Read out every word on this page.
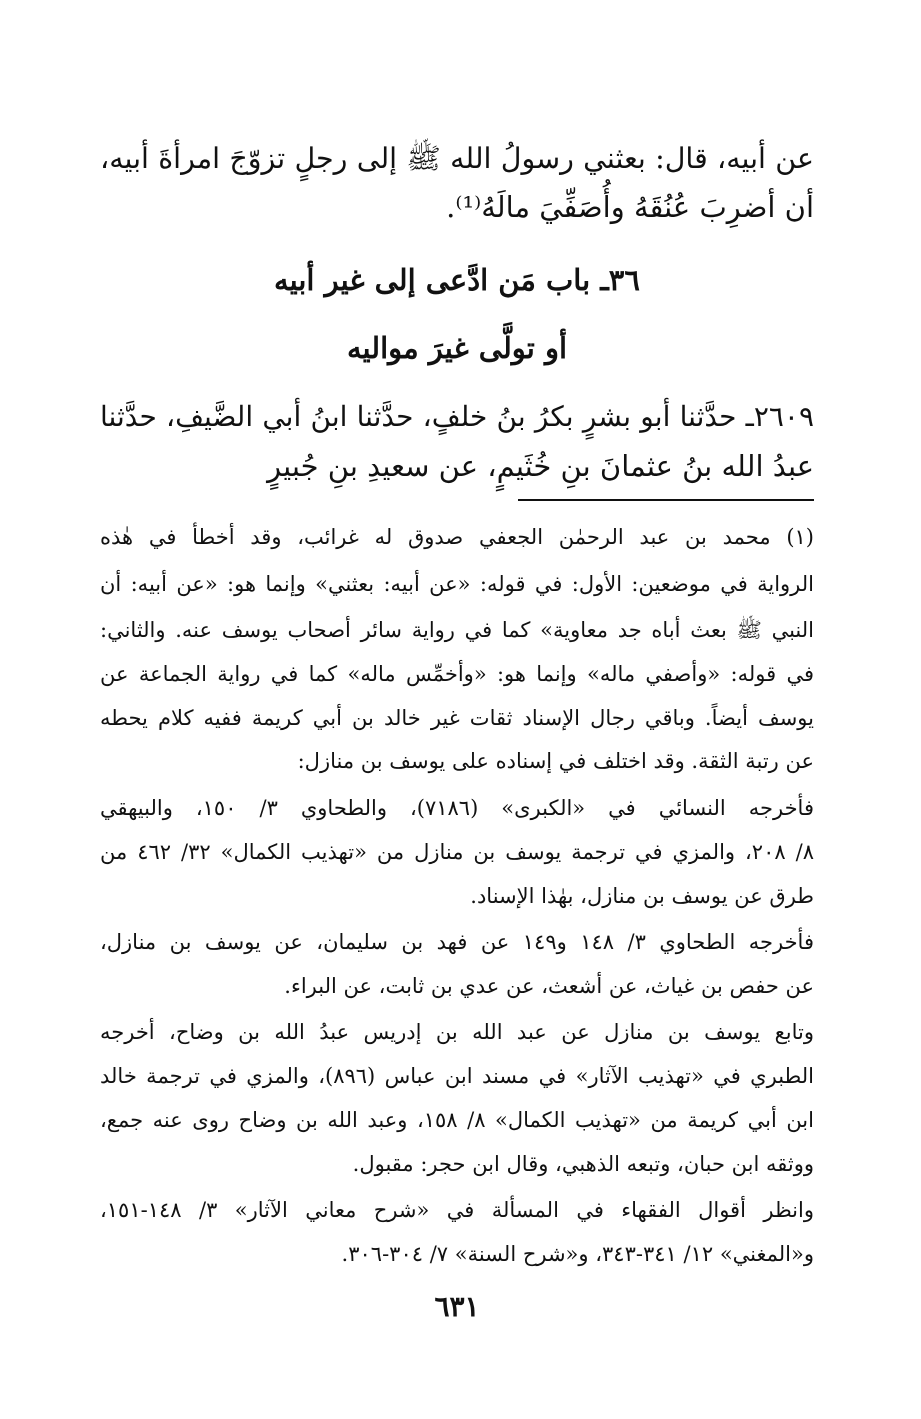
عن أبيه، قال: بعثني رسولُ الله ﷺ إلى رجلٍ تزوّجَ امرأةَ أبيه،
أن أضرِبَ عُنُقَهُ وأُصَفِّيَ مالَهُ⁽¹⁾.
٣٦ـ باب مَن ادَّعى إلى غير أبيه
أو تولَّى غيرَ مواليه
٢٦٠٩ـ حدَّثنا أبو بشرٍ بكرُ بنُ خلفٍ، حدَّثنا ابنُ أبي الضَّيفِ، حدَّثنا
عبدُ الله بنُ عثمانَ بنِ خُثَيمٍ، عن سعيدِ بنِ جُبيرٍ
(١) محمد بن عبد الرحمٰن الجعفي صدوق له غرائب، وقد أخطأ في هٰذه
الرواية في موضعين: الأول: في قوله: «عن أبيه: بعثني» وإنما هو: «عن أبيه: أن
النبي ﷺ بعث أباه جد معاوية» كما في رواية سائر أصحاب يوسف عنه. والثاني:
في قوله: «وأصفي ماله» وإنما هو: «وأخمِّس ماله» كما في رواية الجماعة عن
يوسف أيضاً. وباقي رجال الإسناد ثقات غير خالد بن أبي كريمة ففيه كلام يحطه
عن رتبة الثقة. وقد اختلف في إسناده على يوسف بن منازل:
فأخرجه النسائي في «الكبرى» (٧١٨٦)، والطحاوي ٣/ ١٥٠، والبيهقي
٨/ ٢٠٨، والمزي في ترجمة يوسف بن منازل من «تهذيب الكمال» ٣٢/ ٤٦٢ من
طرق عن يوسف بن منازل، بهٰذا الإسناد.
فأخرجه الطحاوي ٣/ ١٤٨ و١٤٩ عن فهد بن سليمان، عن يوسف بن منازل،
عن حفص بن غياث، عن أشعث، عن عدي بن ثابت، عن البراء.
وتابع يوسف بن منازل عن عبد الله بن إدريس عبدُ الله بن وضاح، أخرجه
الطبري في «تهذيب الآثار» في مسند ابن عباس (٨٩٦)، والمزي في ترجمة خالد
ابن أبي كريمة من «تهذيب الكمال» ٨/ ١٥٨، وعبد الله بن وضاح روى عنه جمع،
ووثقه ابن حبان، وتبعه الذهبي، وقال ابن حجر: مقبول.
وانظر أقوال الفقهاء في المسألة في «شرح معاني الآثار» ٣/ ١٤٨-١٥١،
و«المغني» ١٢/ ٣٤١-٣٤٣، و«شرح السنة» ٧/ ٣٠٤-٣٠٦.
٦٣١
